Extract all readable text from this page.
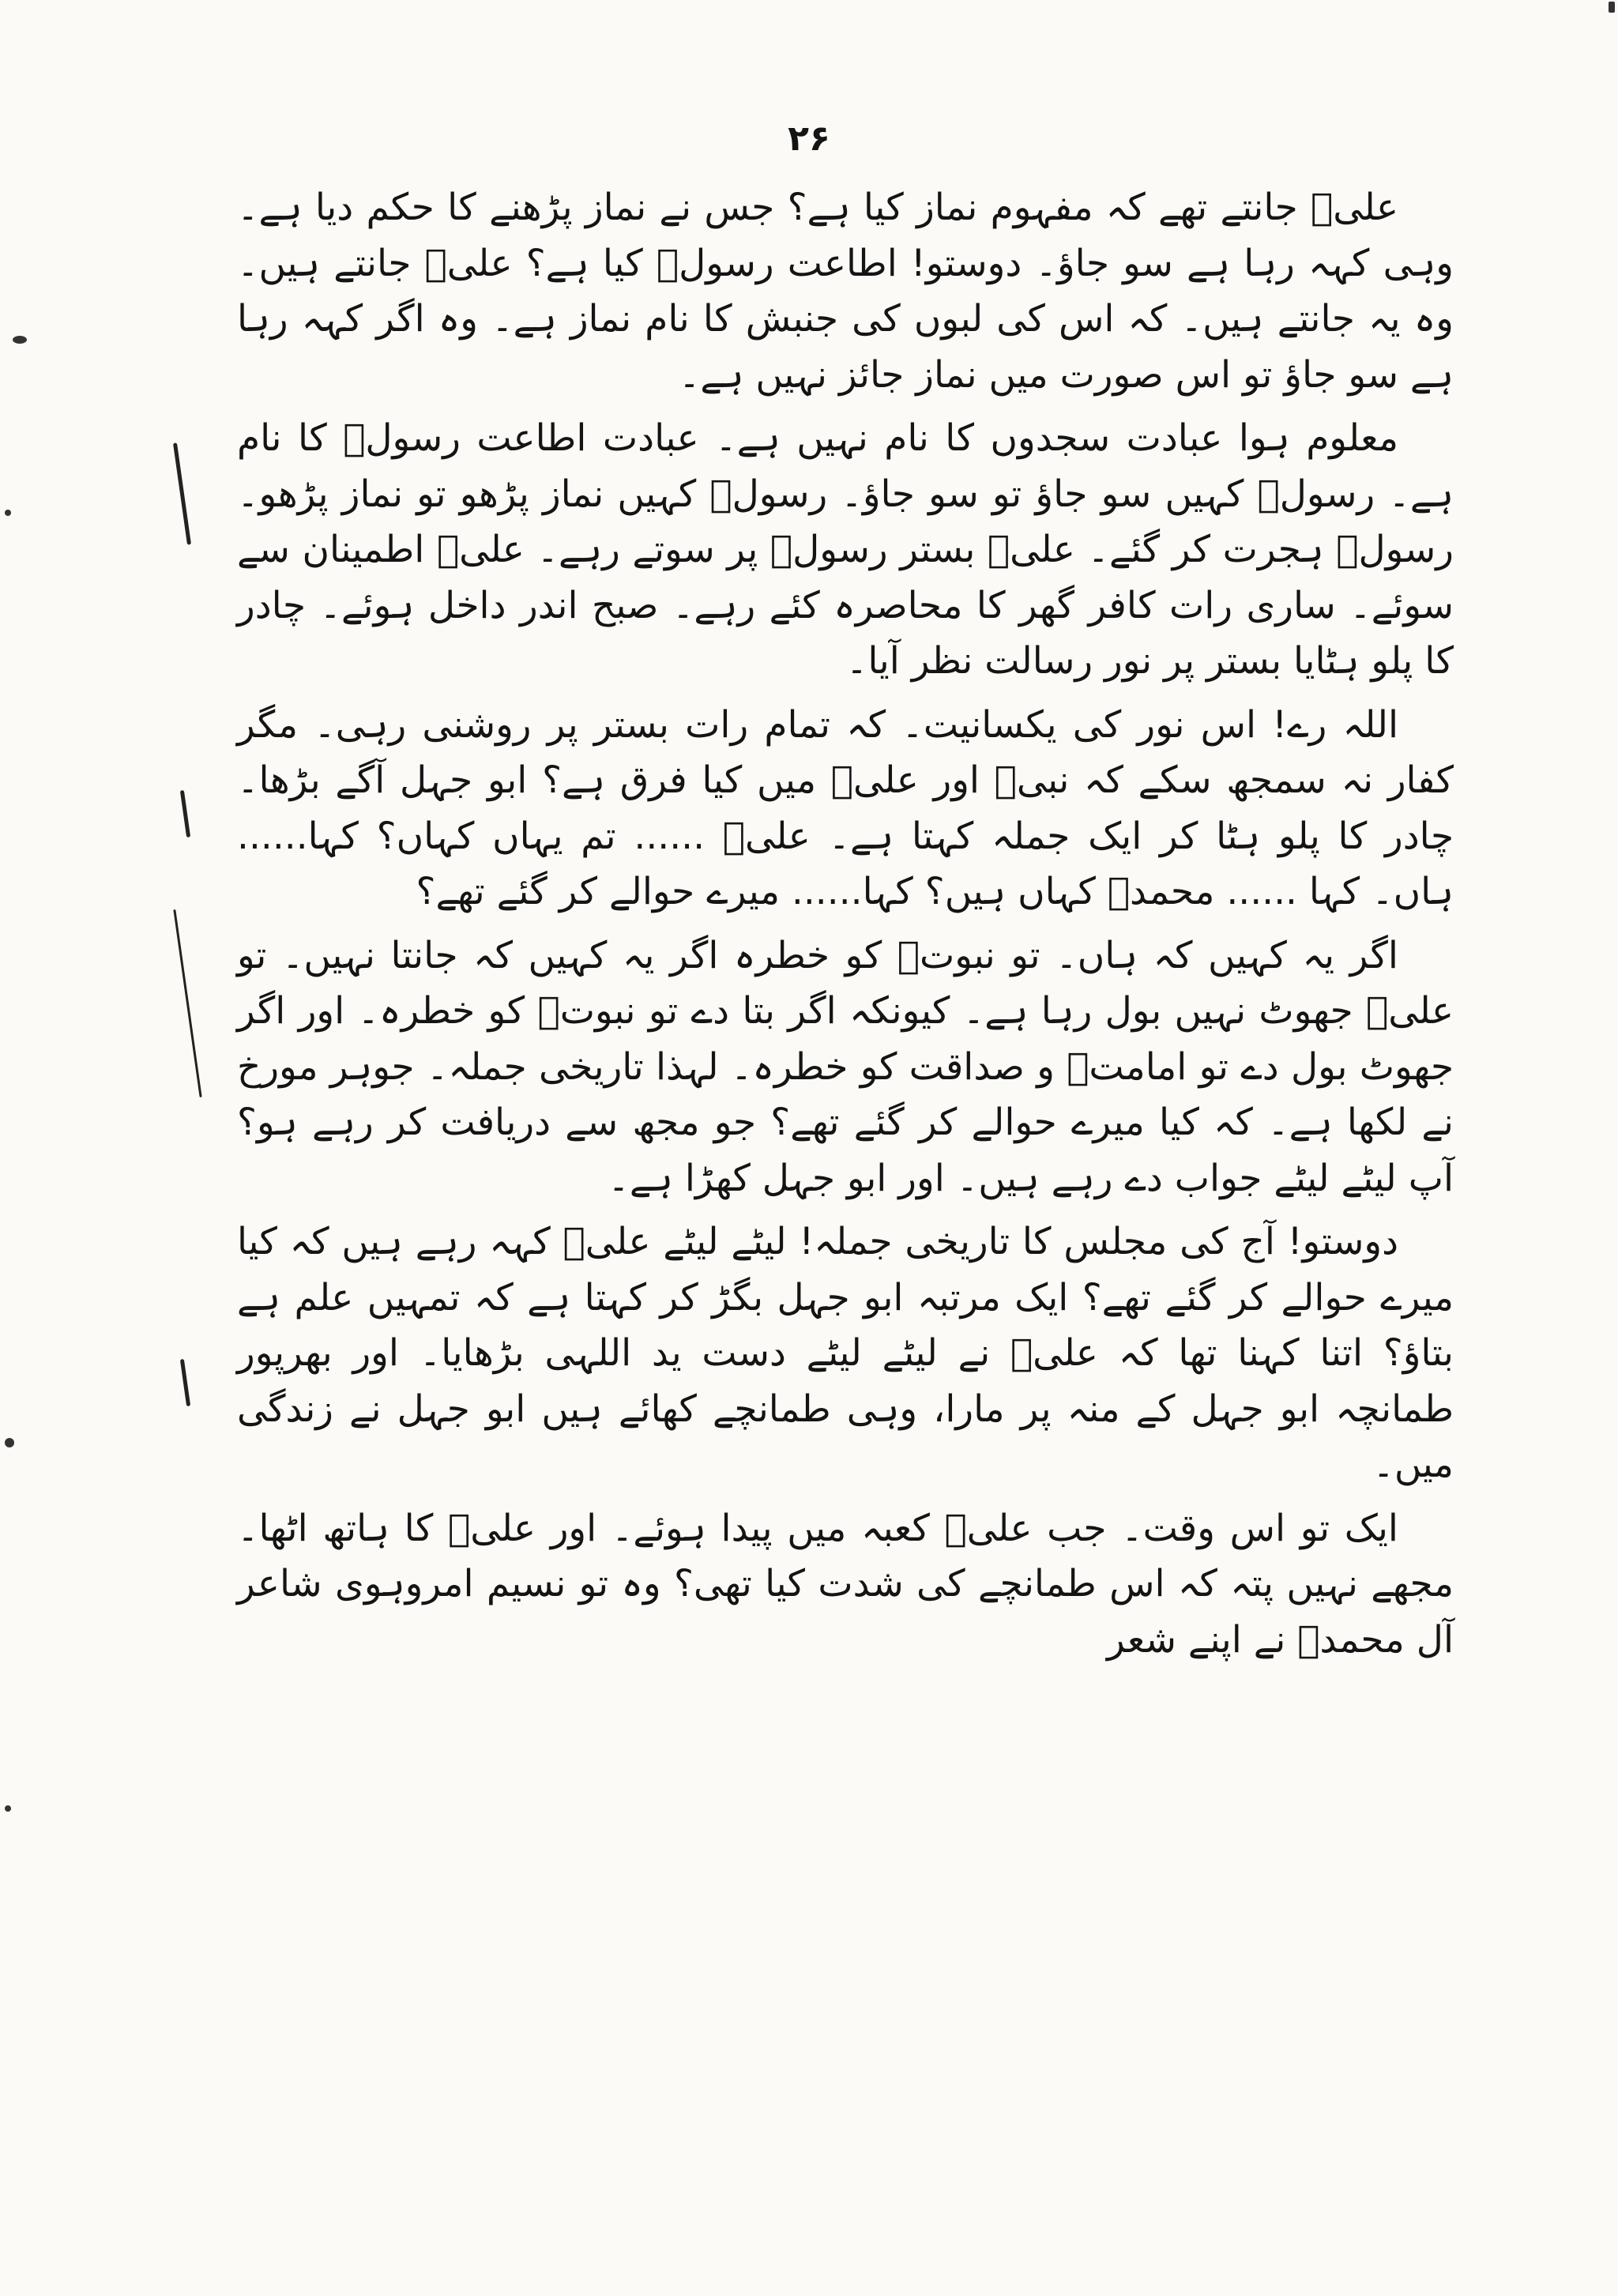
۲۶

علیؑ جانتے تھے کہ مفہوم نماز کیا ہے؟ جس نے نماز پڑھنے کا حکم دیا ہے۔ وہی کہہ رہا ہے سو جاؤ۔ دوستو! اطاعت رسولؐ کیا ہے؟ علیؑ جانتے ہیں۔ وہ یہ جانتے ہیں۔ کہ اس کی لبوں کی جنبش کا نام نماز ہے۔ وہ اگر کہہ رہا ہے سو جاؤ تو اس صورت میں نماز جائز نہیں ہے۔

معلوم ہوا عبادت سجدوں کا نام نہیں ہے۔ عبادت اطاعت رسولؐ کا نام ہے۔ رسولؐ کہیں سو جاؤ تو سو جاؤ۔ رسولؐ کہیں نماز پڑھو تو نماز پڑھو۔ رسولؐ ہجرت کر گئے۔ علیؑ بستر رسولؐ پر سوتے رہے۔ علیؑ اطمینان سے سوئے۔ ساری رات کافر گھر کا محاصرہ کئے رہے۔ صبح اندر داخل ہوئے۔ چادر کا پلو ہٹایا بستر پر نور رسالت نظر آیا۔

اللہ رے! اس نور کی یکسانیت۔ کہ تمام رات بستر پر روشنی رہی۔ مگر کفار نہ سمجھ سکے کہ نبیؐ اور علیؑ میں کیا فرق ہے؟ ابو جہل آگے بڑھا۔ چادر کا پلو ہٹا کر ایک جملہ کہتا ہے۔ علیؑ ...... تم یہاں کہاں؟ کہا...... ہاں۔ کہا ...... محمدؐ کہاں ہیں؟ کہا...... میرے حوالے کر گئے تھے؟

اگر یہ کہیں کہ ہاں۔ تو نبوتؐ کو خطرہ اگر یہ کہیں کہ جانتا نہیں۔ تو علیؑ جھوٹ نہیں بول رہا ہے۔ کیونکہ اگر بتا دے تو نبوتؐ کو خطرہ۔ اور اگر جھوٹ بول دے تو امامتؑ و صداقت کو خطرہ۔ لہذا تاریخی جملہ۔ جوہر مورخ نے لکھا ہے۔ کہ کیا میرے حوالے کر گئے تھے؟ جو مجھ سے دریافت کر رہے ہو؟ آپ لیٹے لیٹے جواب دے رہے ہیں۔ اور ابو جہل کھڑا ہے۔

دوستو! آج کی مجلس کا تاریخی جملہ! لیٹے لیٹے علیؑ کہہ رہے ہیں کہ کیا میرے حوالے کر گئے تھے؟ ایک مرتبہ ابو جہل بگڑ کر کہتا ہے کہ تمہیں علم ہے بتاؤ؟ اتنا کہنا تھا کہ علیؑ نے لیٹے لیٹے دست ید اللہی بڑھایا۔ اور بھرپور طمانچہ ابو جہل کے منہ پر مارا، وہی طمانچے کھائے ہیں ابو جہل نے زندگی میں۔

ایک تو اس وقت۔ جب علیؑ کعبہ میں پیدا ہوئے۔ اور علیؑ کا ہاتھ اٹھا۔ مجھے نہیں پتہ کہ اس طمانچے کی شدت کیا تھی؟ وہ تو نسیم امروہوی شاعر آل محمدؐ نے اپنے شعر
